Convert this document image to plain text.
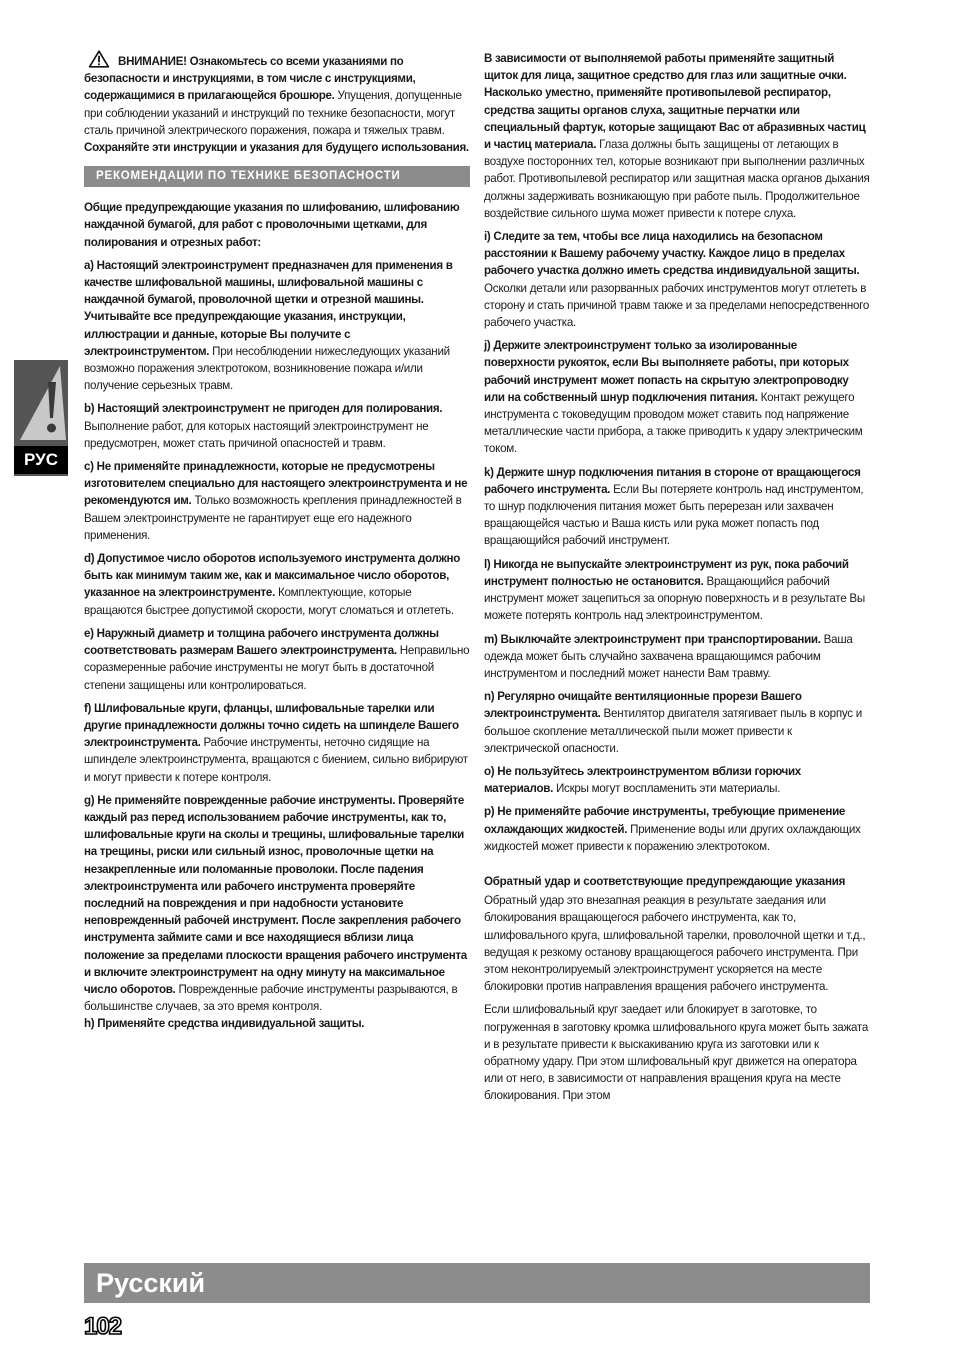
РУС

ВНИМАНИЕ! Ознакомьтесь со всеми указаниями по безопасности и инструкциями, в том числе с инструкциями, содержащимися в прилагающейся брошюре. Упущения, допущенные при соблюдении указаний и инструкций по технике безопасности, могут сталь причиной электрического поражения, пожара и тяжелых травм.
Сохраняйте эти инструкции и указания для будущего использования.

РЕКОМЕНДАЦИИ ПО ТЕХНИКЕ БЕЗОПАСНОСТИ

Общие предупреждающие указания по шлифованию, шлифованию наждачной бумагой, для работ с проволочными щетками, для полирования и отрезных работ:

a) Настоящий электроинструмент предназначен для применения в качестве шлифовальной машины, шлифовальной машины с наждачной бумагой, проволочной щетки и отрезной машины. Учитывайте все предупреждающие указания, инструкции, иллюстрации и данные, которые Вы получите с электроинструментом. При несоблюдении нижеследующих указаний возможно поражения электротоком, возникновение пожара и/или получение серьезных травм.

b) Настоящий электроинструмент не пригоден для полирования. Выполнение работ, для которых настоящий электроинструмент не предусмотрен, может стать причиной опасностей и травм.

c) Не применяйте принадлежности, которые не предусмотрены изготовителем специально для настоящего электроинструмента и не рекомендуются им. Только возможность крепления принадлежностей в Вашем электроинструменте не гарантирует еще его надежного применения.

d) Допустимое число оборотов используемого инструмента должно быть как минимум таким же, как и максимальное число оборотов, указанное на электроинструменте. Комплектующие, которые вращаются быстрее допустимой скорости, могут сломаться и отлететь.

e) Наружный диаметр и толщина рабочего инструмента должны соответствовать размерам Вашего электроинструмента. Неправильно соразмеренные рабочие инструменты не могут быть в достаточной степени защищены или контролироваться.

f) Шлифовальные круги, фланцы, шлифовальные тарелки или другие принадлежности должны точно сидеть на шпинделе Вашего электроинструмента. Рабочие инструменты, неточно сидящие на шпинделе электроинструмента, вращаются с биением, сильно вибрируют и могут привести к потере контроля.

g) Не применяйте поврежденные рабочие инструменты. Проверяйте каждый раз перед использованием рабочие инструменты, как то, шлифовальные круги на сколы и трещины, шлифовальные тарелки на трещины, риски или сильный износ, проволочные щетки на незакрепленные или поломанные проволоки. После падения электроинструмента или рабочего инструмента проверяйте последний на повреждения и при надобности установите неповрежденный рабочей инструмент. После закрепления рабочего инструмента займите сами и все находящиеся вблизи лица положение за пределами плоскости вращения рабочего инструмента и включите электроинструмент на одну минуту на максимальное число оборотов. Поврежденные рабочие инструменты разрываются, в большинстве случаев, за это время контроля.

h) Применяйте средства индивидуальной защиты.

В зависимости от выполняемой работы применяйте защитный щиток для лица, защитное средство для глаз или защитные очки. Насколько уместно, применяйте противопылевой респиратор, средства защиты органов слуха, защитные перчатки или специальный фартук, которые защищают Вас от абразивных частиц и частиц материала. Глаза должны быть защищены от летающих в воздухе посторонних тел, которые возникают при выполнении различных работ. Противопылевой респиратор или защитная маска органов дыхания должны задерживать возникающую при работе пыль. Продолжительное воздействие сильного шума может привести к потере слуха.

i) Следите за тем, чтобы все лица находились на безопасном расстоянии к Вашему рабочему участку. Каждое лицо в пределах рабочего участка должно иметь средства индивидуальной защиты. Осколки детали или разорванных рабочих инструментов могут отлететь в сторону и стать причиной травм также и за пределами непосредственного рабочего участка.

j) Держите электроинструмент только за изолированные поверхности рукояток, если Вы выполняете работы, при которых рабочий инструмент может попасть на скрытую электропроводку или на собственный шнур подключения питания. Контакт режущего инструмента с токоведущим проводом может ставить под напряжение металлические части прибора, а также приводить к удару электрическим током.

k) Держите шнур подключения питания в стороне от вращающегося рабочего инструмента. Если Вы потеряете контроль над инструментом, то шнур подключения питания может быть перерезан или захвачен вращающейся частью и Ваша кисть или рука может попасть под вращающийся рабочий инструмент.

l) Никогда не выпускайте электроинструмент из рук, пока рабочий инструмент полностью не остановится. Вращающийся рабочий инструмент может зацепиться за опорную поверхность и в результате Вы можете потерять контроль над электроинструментом.

m) Выключайте электроинструмент при транспортировании. Ваша одежда может быть случайно захвачена вращающимся рабочим инструментом и последний может нанести Вам травму.

n) Регулярно очищайте вентиляционные прорези Вашего электроинструмента. Вентилятор двигателя затягивает пыль в корпус и большое скопление металлической пыли может привести к электрической опасности.

o) Не пользуйтесь электроинструментом вблизи горючих материалов. Искры могут воспламенить эти материалы.

p) Не применяйте рабочие инструменты, требующие применение охлаждающих жидкостей. Применение воды или других охлаждающих жидкостей может привести к поражению электротоком.

Обратный удар и соответствующие предупреждающие указания

Обратный удар это внезапная реакция в результате заедания или блокирования вращающегося рабочего инструмента, как то, шлифовального круга, шлифовальной тарелки, проволочной щетки и т.д., ведущая к резкому останову вращающегося рабочего инструмента. При этом неконтролируемый электроинструмент ускоряется на месте блокировки против направления вращения рабочего инструмента.

Если шлифовальный круг заедает или блокирует в заготовке, то погруженная в заготовку кромка шлифовального круга может быть зажата и в результате привести к выскакиванию круга из заготовки или к обратному удару. При этом шлифовальный круг движется на оператора или от него, в зависимости от направления вращения круга на месте блокирования. При этом

Русский
102
